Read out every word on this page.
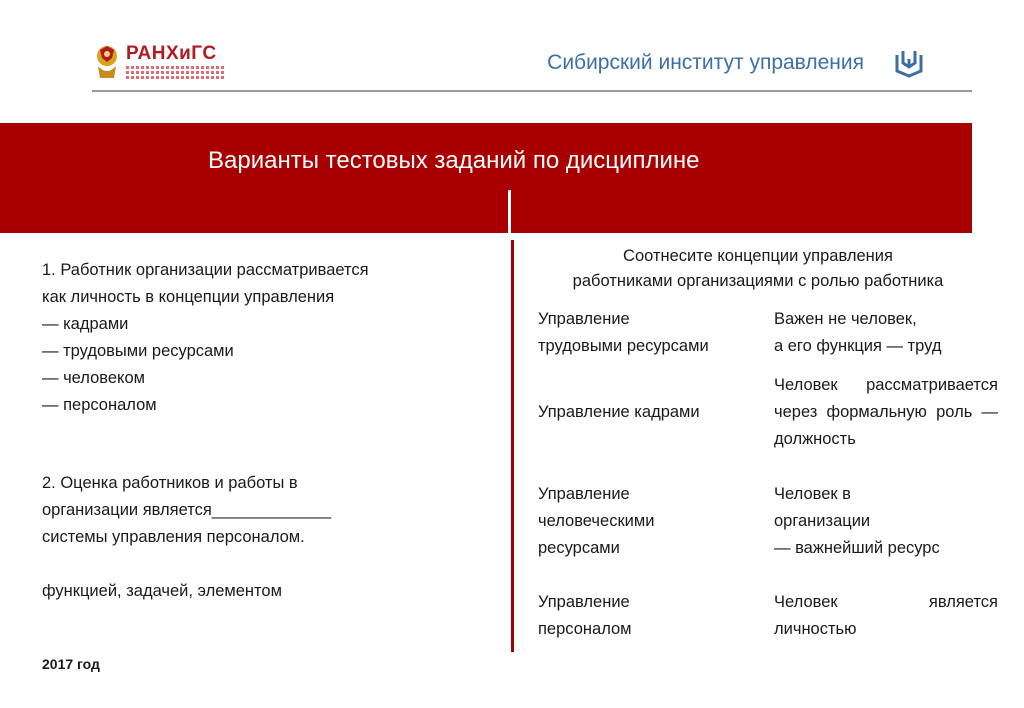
РАНХиГС	Сибирский институт управления
Варианты тестовых заданий по дисциплине
1. Работник организации рассматривается
как личность в концепции управления
— кадрами
— трудовыми ресурсами
— человеком
— персоналом
2. Оценка работников и работы в
организации является_____________
системы управления персоналом.
функцией, задачей, элементом
Соотнесите концепции управления
работниками организациями с ролью работника
Управление
трудовыми ресурсами
Важен не человек,
а его функция — труд
Управление кадрами
Человек рассматривается через формальную роль — должность
Управление
человеческими
ресурсами
Человек в
организации
— важнейший ресурс
Управление
персоналом
Человек является личностью
2017 год
